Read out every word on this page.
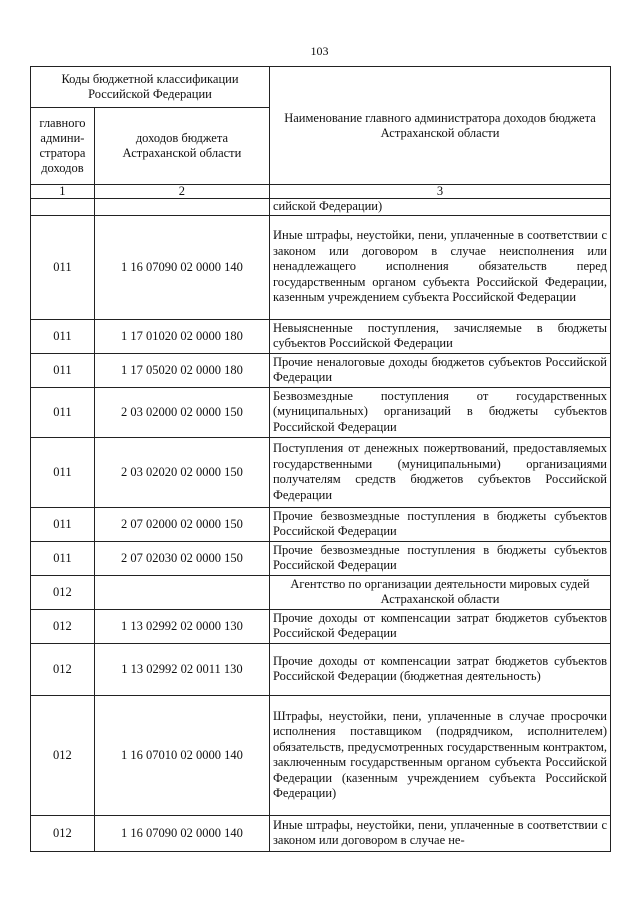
103
Коды бюджетной классификации Российской Федерации		Наименование главного администратора доходов бюджета Астраханской области
главного админи-стратора доходов	доходов бюджета Астраханской области	
1	2	3
		сийской Федерации)
011	1 16 07090 02 0000 140	Иные штрафы, неустойки, пени, уплаченные в соответствии с законом или договором в случае неисполнения или ненадлежащего исполнения обязательств перед государственным органом субъекта Российской Федерации, казенным учреждением субъекта Российской Федерации
011	1 17 01020 02 0000 180	Невыясненные поступления, зачисляемые в бюджеты субъектов Российской Федерации
011	1 17 05020 02 0000 180	Прочие неналоговые доходы бюджетов субъектов Российской Федерации
011	2 03 02000 02 0000 150	Безвозмездные поступления от государственных (муниципальных) организаций в бюджеты субъектов Российской Федерации
011	2 03 02020 02 0000 150	Поступления от денежных пожертвований, предоставляемых государственными (муниципальными) организациями получателям средств бюджетов субъектов Российской Федерации
011	2 07 02000 02 0000 150	Прочие безвозмездные поступления в бюджеты субъектов Российской Федерации
011	2 07 02030 02 0000 150	Прочие безвозмездные поступления в бюджеты субъектов Российской Федерации
012		Агентство по организации деятельности мировых судей Астраханской области
012	1 13 02992 02 0000 130	Прочие доходы от компенсации затрат бюджетов субъектов Российской Федерации
012	1 13 02992 02 0011 130	Прочие доходы от компенсации затрат бюджетов субъектов Российской Федерации (бюджетная деятельность)
012	1 16 07010 02 0000 140	Штрафы, неустойки, пени, уплаченные в случае просрочки исполнения поставщиком (подрядчиком, исполнителем) обязательств, предусмотренных государственным контрактом, заключенным государственным органом субъекта Российской Федерации (казенным учреждением субъекта Российской Федерации)
012	1 16 07090 02 0000 140	Иные штрафы, неустойки, пени, уплаченные в соответствии с законом или договором в случае не-
